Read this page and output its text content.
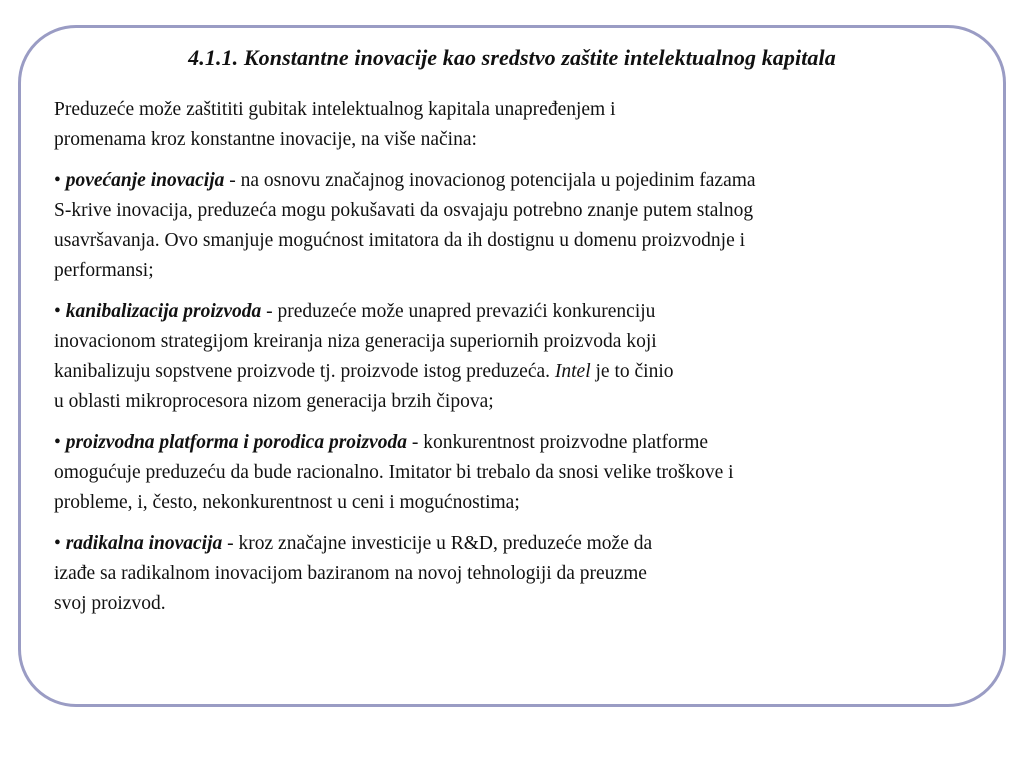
4.1.1. Konstantne inovacije kao sredstvo zaštite intelektualnog kapitala

Preduzeće može zaštititi gubitak intelektualnog kapitala unapređenjem i
promenama kroz konstantne inovacije, na više načina:

• povećanje inovacija - na osnovu značajnog inovacionog potencijala u pojedinim fazama
S-krive inovacija, preduzeća mogu pokušavati da osvajaju potrebno znanje putem stalnog
usavršavanja. Ovo smanjuje mogućnost imitatora da ih dostignu u domenu proizvodnje i
performansi;

• kanibalizacija proizvoda - preduzeće može unapred prevazići konkurenciju
inovacionom strategijom kreiranja niza generacija superiornih proizvoda koji
kanibalizuju sopstvene proizvode tj. proizvode istog preduzeća. Intel je to činio
u oblasti mikroprocesora nizom generacija brzih čipova;

• proizvodna platforma i porodica proizvoda - konkurentnost proizvodne platforme
omogućuje preduzeću da bude racionalno. Imitator bi trebalo da snosi velike troškove i
probleme, i, često, nekonkurentnost u ceni i mogućnostima;

• radikalna inovacija - kroz značajne investicije u R&D, preduzeće može da
izađe sa radikalnom inovacijom baziranom na novoj tehnologiji da preuzme
svoj proizvod.
